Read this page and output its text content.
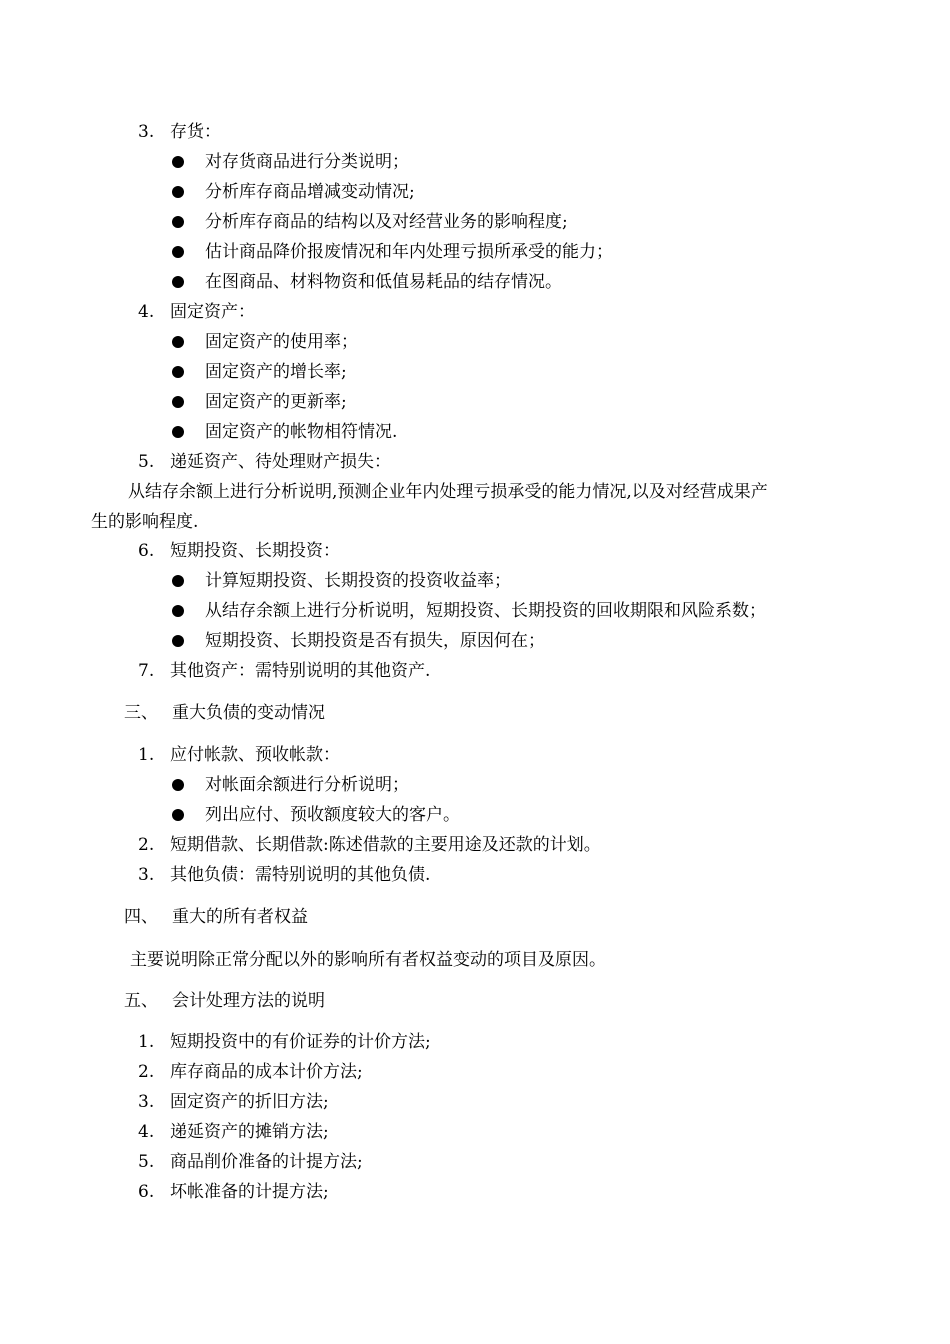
3. 存货：
对存货商品进行分类说明；
分析库存商品增减变动情况;
分析库存商品的结构以及对经营业务的影响程度;
估计商品降价报废情况和年内处理亏损所承受的能力；
在图商品、材料物资和低值易耗品的结存情况。
4. 固定资产：
固定资产的使用率；
固定资产的增长率;
固定资产的更新率;
固定资产的帐物相符情况.
5. 递延资产、待处理财产损失：
从结存余额上进行分析说明,预测企业年内处理亏损承受的能力情况,以及对经营成果产
生的影响程度.
6. 短期投资、长期投资：
计算短期投资、长期投资的投资收益率；
从结存余额上进行分析说明，短期投资、长期投资的回收期限和风险系数；
短期投资、长期投资是否有损失，原因何在；
7. 其他资产：需特别说明的其他资产.
三、 重大负债的变动情况
1. 应付帐款、预收帐款：
对帐面余额进行分析说明；
列出应付、预收额度较大的客户。
2. 短期借款、长期借款:陈述借款的主要用途及还款的计划。
3. 其他负债：需特别说明的其他负债.
四、 重大的所有者权益
主要说明除正常分配以外的影响所有者权益变动的项目及原因。
五、 会计处理方法的说明
1. 短期投资中的有价证券的计价方法;
2. 库存商品的成本计价方法;
3. 固定资产的折旧方法;
4. 递延资产的摊销方法;
5. 商品削价准备的计提方法;
6. 坏帐准备的计提方法;
